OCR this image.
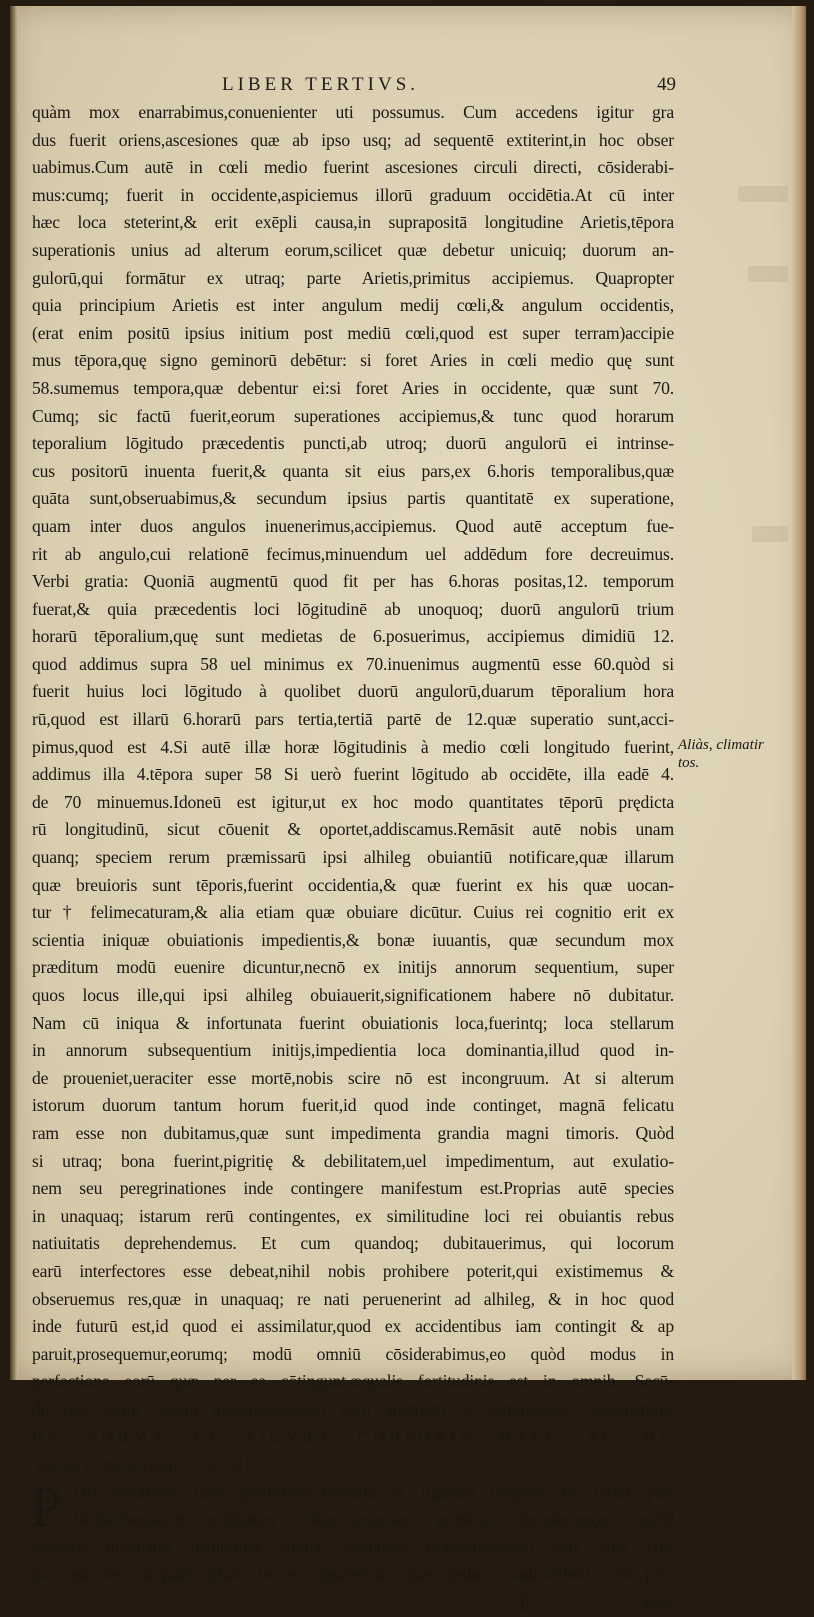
LIBER TERTIVS.	49
quàm mox enarrabimus,conuenienter uti possumus. Cum accedens igitur gra
dus fuerit oriens,ascesiones quæ ab ipso usq; ad sequentē extiterint,in hoc obser
uabimus.Cum autē in cœli medio fuerint ascesiones circuli directi, cōsiderabi-
mus:cumq; fuerit in occidente,aspiciemus illorū graduum occidētia.At cū inter
hæc loca steterint,& erit exēpli causa,in suprapositā longitudine Arietis,tēpora
superationis unius ad alterum eorum,scilicet quæ debetur unicuiq; duorum an-
gulorū,qui formātur ex utraq; parte Arietis,primitus accipiemus. Quapropter
quia principium Arietis est inter angulum medij cœli,& angulum occidentis,
(erat enim positū ipsius initium post mediū cœli,quod est super terram)accipie
mus tēpora,quę signo geminorū debētur: si foret Aries in cœli medio quę sunt
58.sumemus tempora,quæ debentur ei:si foret Aries in occidente, quæ sunt 70.
Cumq; sic factū fuerit,eorum superationes accipiemus,& tunc quod horarum
teporalium lōgitudo præcedentis puncti,ab utroq; duorū angulorū ei intrinse-
cus positorū inuenta fuerit,& quanta sit eius pars,ex 6.horis temporalibus,quæ
quāta sunt,obseruabimus,& secundum ipsius partis quantitatē ex superatione,
quam inter duos angulos inuenerimus,accipiemus. Quod autē acceptum fue-
rit ab angulo,cui relationē fecimus,minuendum uel addēdum fore decreuimus.
Verbi gratia: Quoniā augmentū quod fit per has 6.horas positas,12. temporum
fuerat,& quia præcedentis loci lōgitudinē ab unoquoq; duorū angulorū trium
horarū tēporalium,quę sunt medietas de 6.posuerimus, accipiemus dimidiū 12.
quod addimus supra 58 uel minimus ex 70.inuenimus augmentū esse 60.quòd si
fuerit huius loci lōgitudo à quolibet duorū angulorū,duarum tēporalium hora
rū,quod est illarū 6.horarū pars tertia,tertiā partē de 12.quæ superatio sunt,acci-
pimus,quod est 4.Si autē illæ horæ lōgitudinis à medio cœli longitudo fuerint,
addimus illa 4.tēpora super 58 Si uerò fuerint lōgitudo ab occidēte, illa eadē 4.
de 70 minuemus.Idoneū est igitur,ut ex hoc modo quantitates tēporū prędicta
rū longitudinū, sicut cōuenit & oportet,addiscamus.Remāsit autē nobis unam
quanq; speciem rerum præmissarū ipsi alhileg obuiantiū notificare,quæ illarum
quæ breuioris sunt tēporis,fuerint occidentia,& quæ fuerint ex his quæ uocan-
tur † felimecaturam,& alia etiam quæ obuiare dicūtur. Cuius rei cognitio erit ex
scientia iniquæ obuiationis impedientis,& bonæ iuuantis, quæ secundum mox
præditum modū euenire dicuntur,necnō ex initijs annorum sequentium, super
quos locus ille,qui ipsi alhileg obuiauerit,significationem habere nō dubitatur.
Nam cū iniqua & infortunata fuerint obuiationis loca,fuerintq; loca stellarum
in annorum subsequentium initijs,impedientia loca dominantia,illud quod in-
de proueniet,ueraciter esse mortē,nobis scire nō est incongruum. At si alterum
istorum duorum tantum horum fuerit,id quod inde continget, magnā felicatu
ram esse non dubitamus,quæ sunt impedimenta grandia magni timoris. Quòd
si utraq; bona fuerint,pigritię & debilitatem,uel impedimentum, aut exulatio-
nem seu peregrinationes inde contingere manifestum est.Proprias autē species
in unaquaq; istarum rerū contingentes, ex similitudine loci rei obuiantis rebus
natiuitatis deprehendemus. Et cum quandoq; dubitauerimus, qui locorum
earū interfectores esse debeat,nihil nobis prohibere poterit,qui existimemus &
obseruemus res,quæ in unaquaq; re nati peruenerint ad alhileg, & in hoc quod
inde futurū est,id quod ei assimilatur,quod ex accidentibus iam contingit & ap
paruit,prosequemur,eorumq; modū omniū cōsiderabimus,eo quòd modus in
perfectione eorū quæ per ea cōtingunt,æqualis fortitudinis est in omnib. Secū-
dū hoc igitur nostrā inuestigationē,et eorū augmētū ac diminutionē cōstituemus.
DE FORMA ET FIGVRA CORPORIS NATI, AC DE
ipsius complexione. Cap. XI.
P Ost electionis uitæ perfectionē,formam & figuram corporis ex rebus par-
ticularibus,sicut ordinatim cōuenit,enarrare primitus incipiemus,eo quòd
corporis qualitates naturaliter animæ qualitates præcedunt:ideo quia cum cor-
pus spissius sit,quàm plura in eo apparentia, quæ ipsius coadunationi sunt pro-
E	pria,
Aliàs, climatir tos.
